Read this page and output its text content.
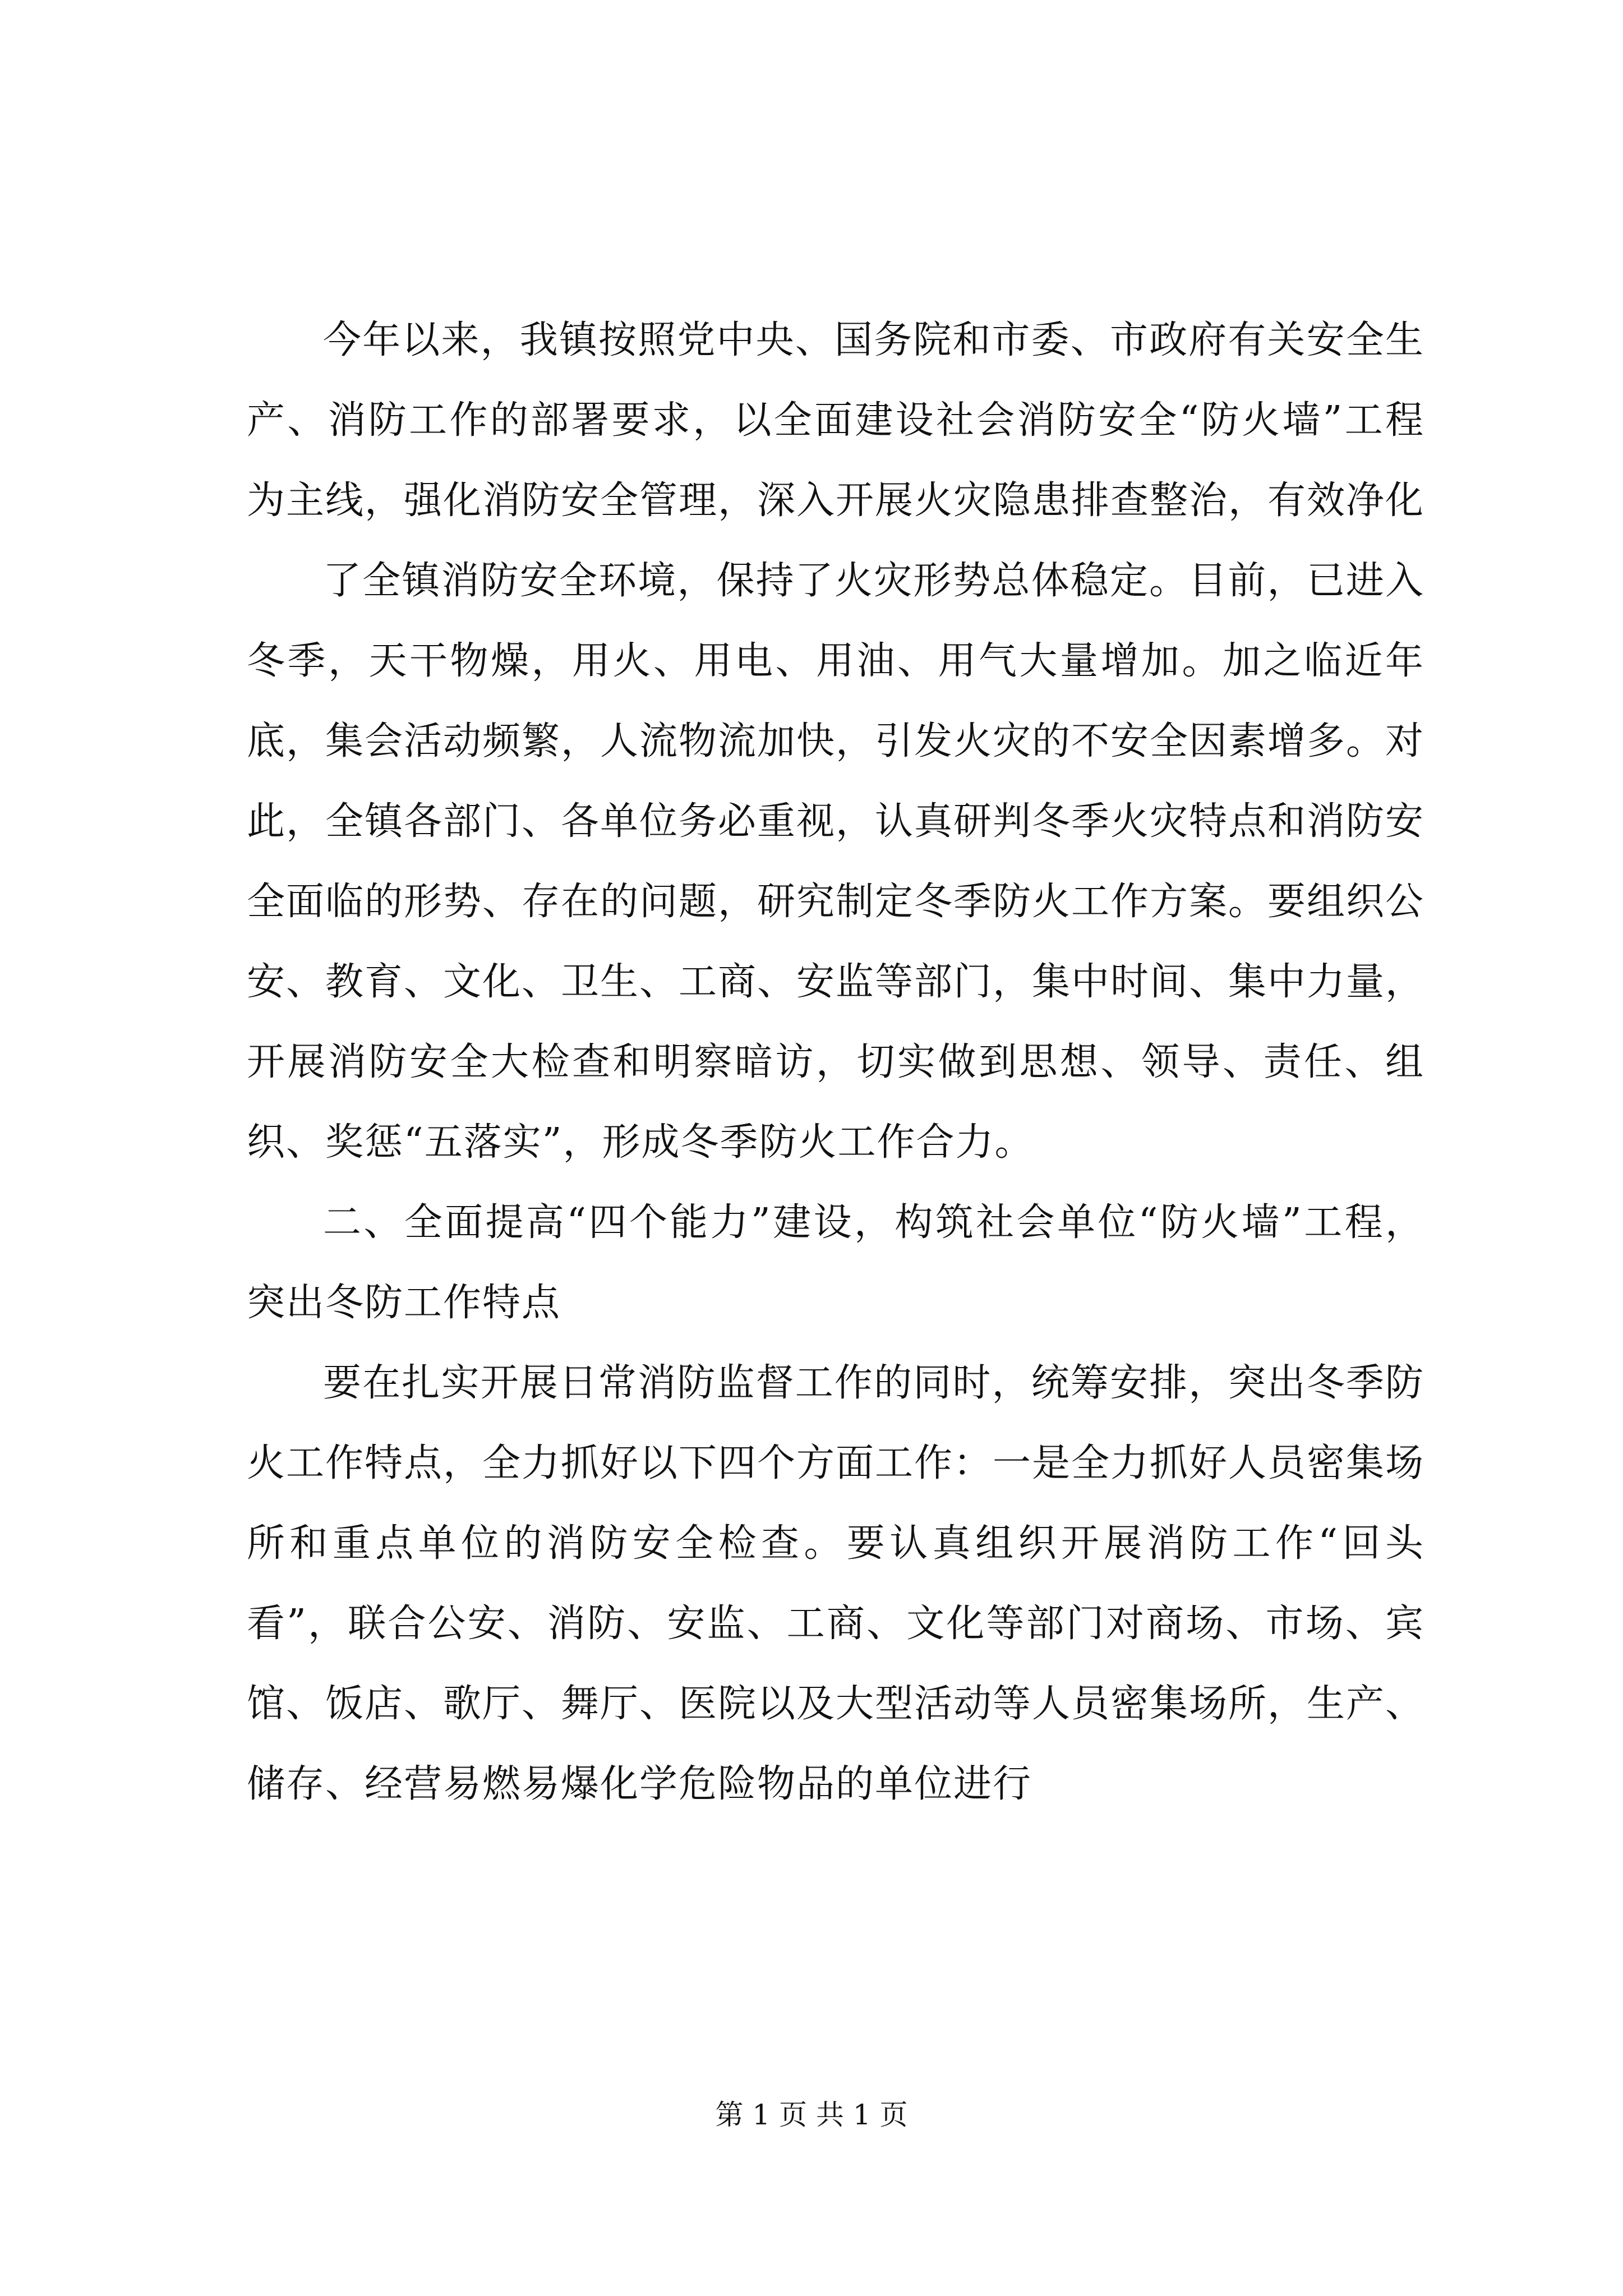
今年以来，我镇按照党中央、国务院和市委、市政府有关安全生产、消防工作的部署要求，以全面建设社会消防安全“防火墙”工程为主线，强化消防安全管理，深入开展火灾隐患排查整治，有效净化

了全镇消防安全环境，保持了火灾形势总体稳定。目前，已进入冬季，天干物燥，用火、用电、用油、用气大量增加。加之临近年底，集会活动频繁，人流物流加快，引发火灾的不安全因素增多。对此，全镇各部门、各单位务必重视，认真研判冬季火灾特点和消防安全面临的形势、存在的问题，研究制定冬季防火工作方案。要组织公安、教育、文化、卫生、工商、安监等部门，集中时间、集中力量，开展消防安全大检查和明察暗访，切实做到思想、领导、责任、组织、奖惩“五落实”，形成冬季防火工作合力。

二、全面提高“四个能力”建设，构筑社会单位“防火墙”工程，突出冬防工作特点

要在扎实开展日常消防监督工作的同时，统筹安排，突出冬季防火工作特点，全力抓好以下四个方面工作：一是全力抓好人员密集场所和重点单位的消防安全检查。要认真组织开展消防工作“回头看”，联合公安、消防、安监、工商、文化等部门对商场、市场、宾馆、饭店、歌厅、舞厅、医院以及大型活动等人员密集场所，生产、储存、经营易燃易爆化学危险物品的单位进行

第 1 页 共 1 页
